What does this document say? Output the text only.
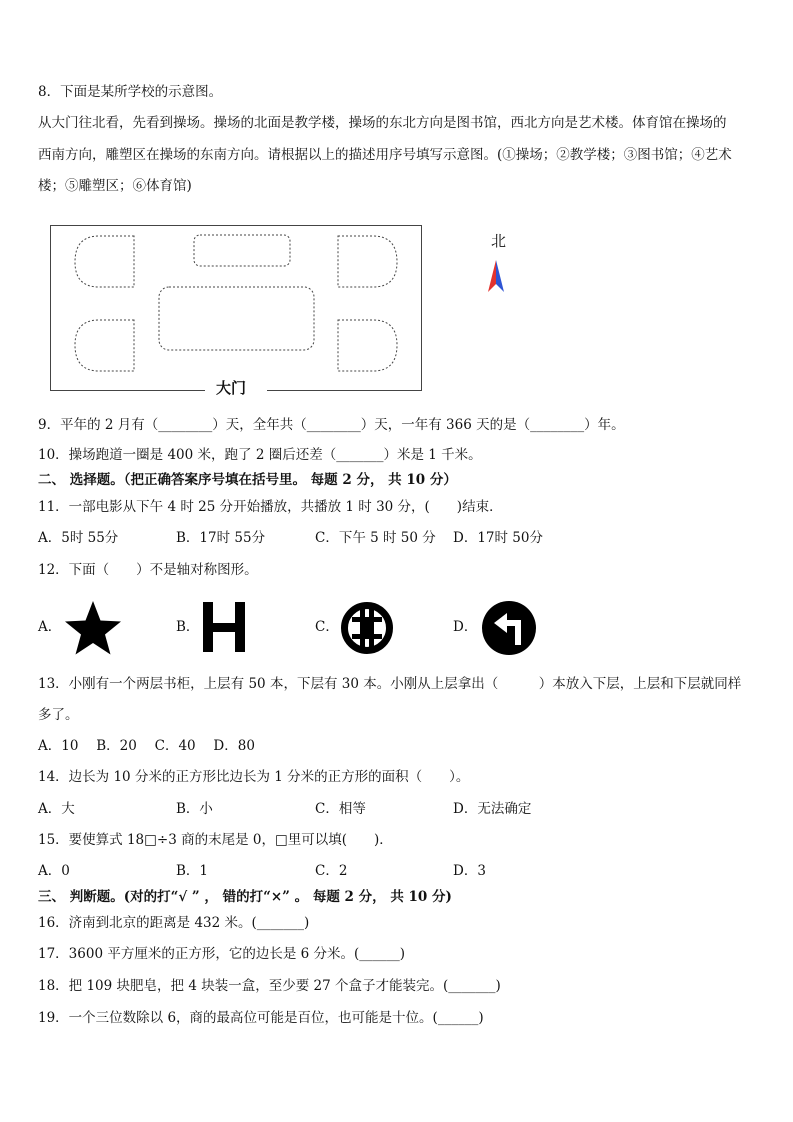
8．下面是某所学校的示意图。
从大门往北看，先看到操场。操场的北面是教学楼，操场的东北方向是图书馆，西北方向是艺术楼。体育馆在操场的
西南方向，雕塑区在操场的东南方向。请根据以上的描述用序号填写示意图。(①操场；②教学楼；③图书馆；④艺术
楼；⑤雕塑区；⑥体育馆)
大门
北
9．平年的 2 月有（________）天，全年共（________）天，一年有 366 天的是（________）年。
10．操场跑道一圈是 400 米，跑了 2 圈后还差（_______）米是 1 千米。
二、 选择题。（把正确答案序号填在括号里。 每题 2 分， 共 10 分）
11．一部电影从下午 4 时 25 分开始播放，共播放 1 时 30 分，(　　)结束．
A．5时 55分	B．17时 55分	C．下午 5 时 50 分 D．17时 50分
12．下面（　　）不是轴对称图形。
A．	B．	C．	D．
13．小刚有一个两层书柜，上层有 50 本，下层有 30 本。小刚从上层拿出（　　　）本放入下层，上层和下层就同样
多了。
A．10　 B．20　 C．40　 D．80
14．边长为 10 分米的正方形比边长为 1 分米的正方形的面积（　　）。
A．大	B．小	C．相等	D．无法确定
15．要使算式 18□÷3 商的末尾是 0，□里可以填(　　)．
A．0	B．1	C．2	D．3
三、 判断题。(对的打“√ ” ， 错的打“×” 。 每题 2 分， 共 10 分)
16．济南到北京的距离是 432 米。(_______)
17．3600 平方厘米的正方形，它的边长是 6 分米。(______)
18．把 109 块肥皂，把 4 块装一盒，至少要 27 个盒子才能装完。(_______)
19．一个三位数除以 6，商的最高位可能是百位，也可能是十位。(______)
